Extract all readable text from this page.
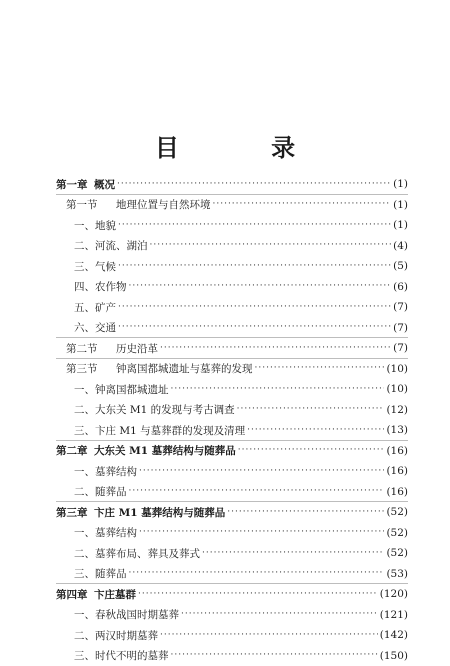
目 录
第一章 概况 ·····	(1)
第一节	地理位置与自然环境 ·····	(1)
一、 地貌 ·····	(1)
二、 河流、湖泊 ·····	(4)
三、 气候 ·····	(5)
四、 农作物 ·····	(6)
五、 矿产 ·····	(7)
六、 交通 ·····	(7)
第二节	历史沿革 ·····	(7)
第三节	钟离国都城遗址与墓葬的发现 ·····	(10)
一、 钟离国都城遗址 ·····	(10)
二、 大东关 M1 的发现与考古调查 ·····	(12)
三、 卞庄 M1 与墓葬群的发现及清理 ·····	(13)
第二章 大东关 M1 墓葬结构与随葬品 ·····	(16)
一、 墓葬结构 ·····	(16)
二、 随葬品 ·····	(16)
第三章 卞庄 M1 墓葬结构与随葬品 ·····	(52)
一、 墓葬结构 ·····	(52)
二、 墓葬布局、葬具及葬式 ·····	(52)
三、 随葬品 ·····	(53)
第四章 卞庄墓群 ·····	(120)
一、 春秋战国时期墓葬 ·····	(121)
二、 两汉时期墓葬 ·····	(142)
三、 时代不明的墓葬 ·····	(150)
